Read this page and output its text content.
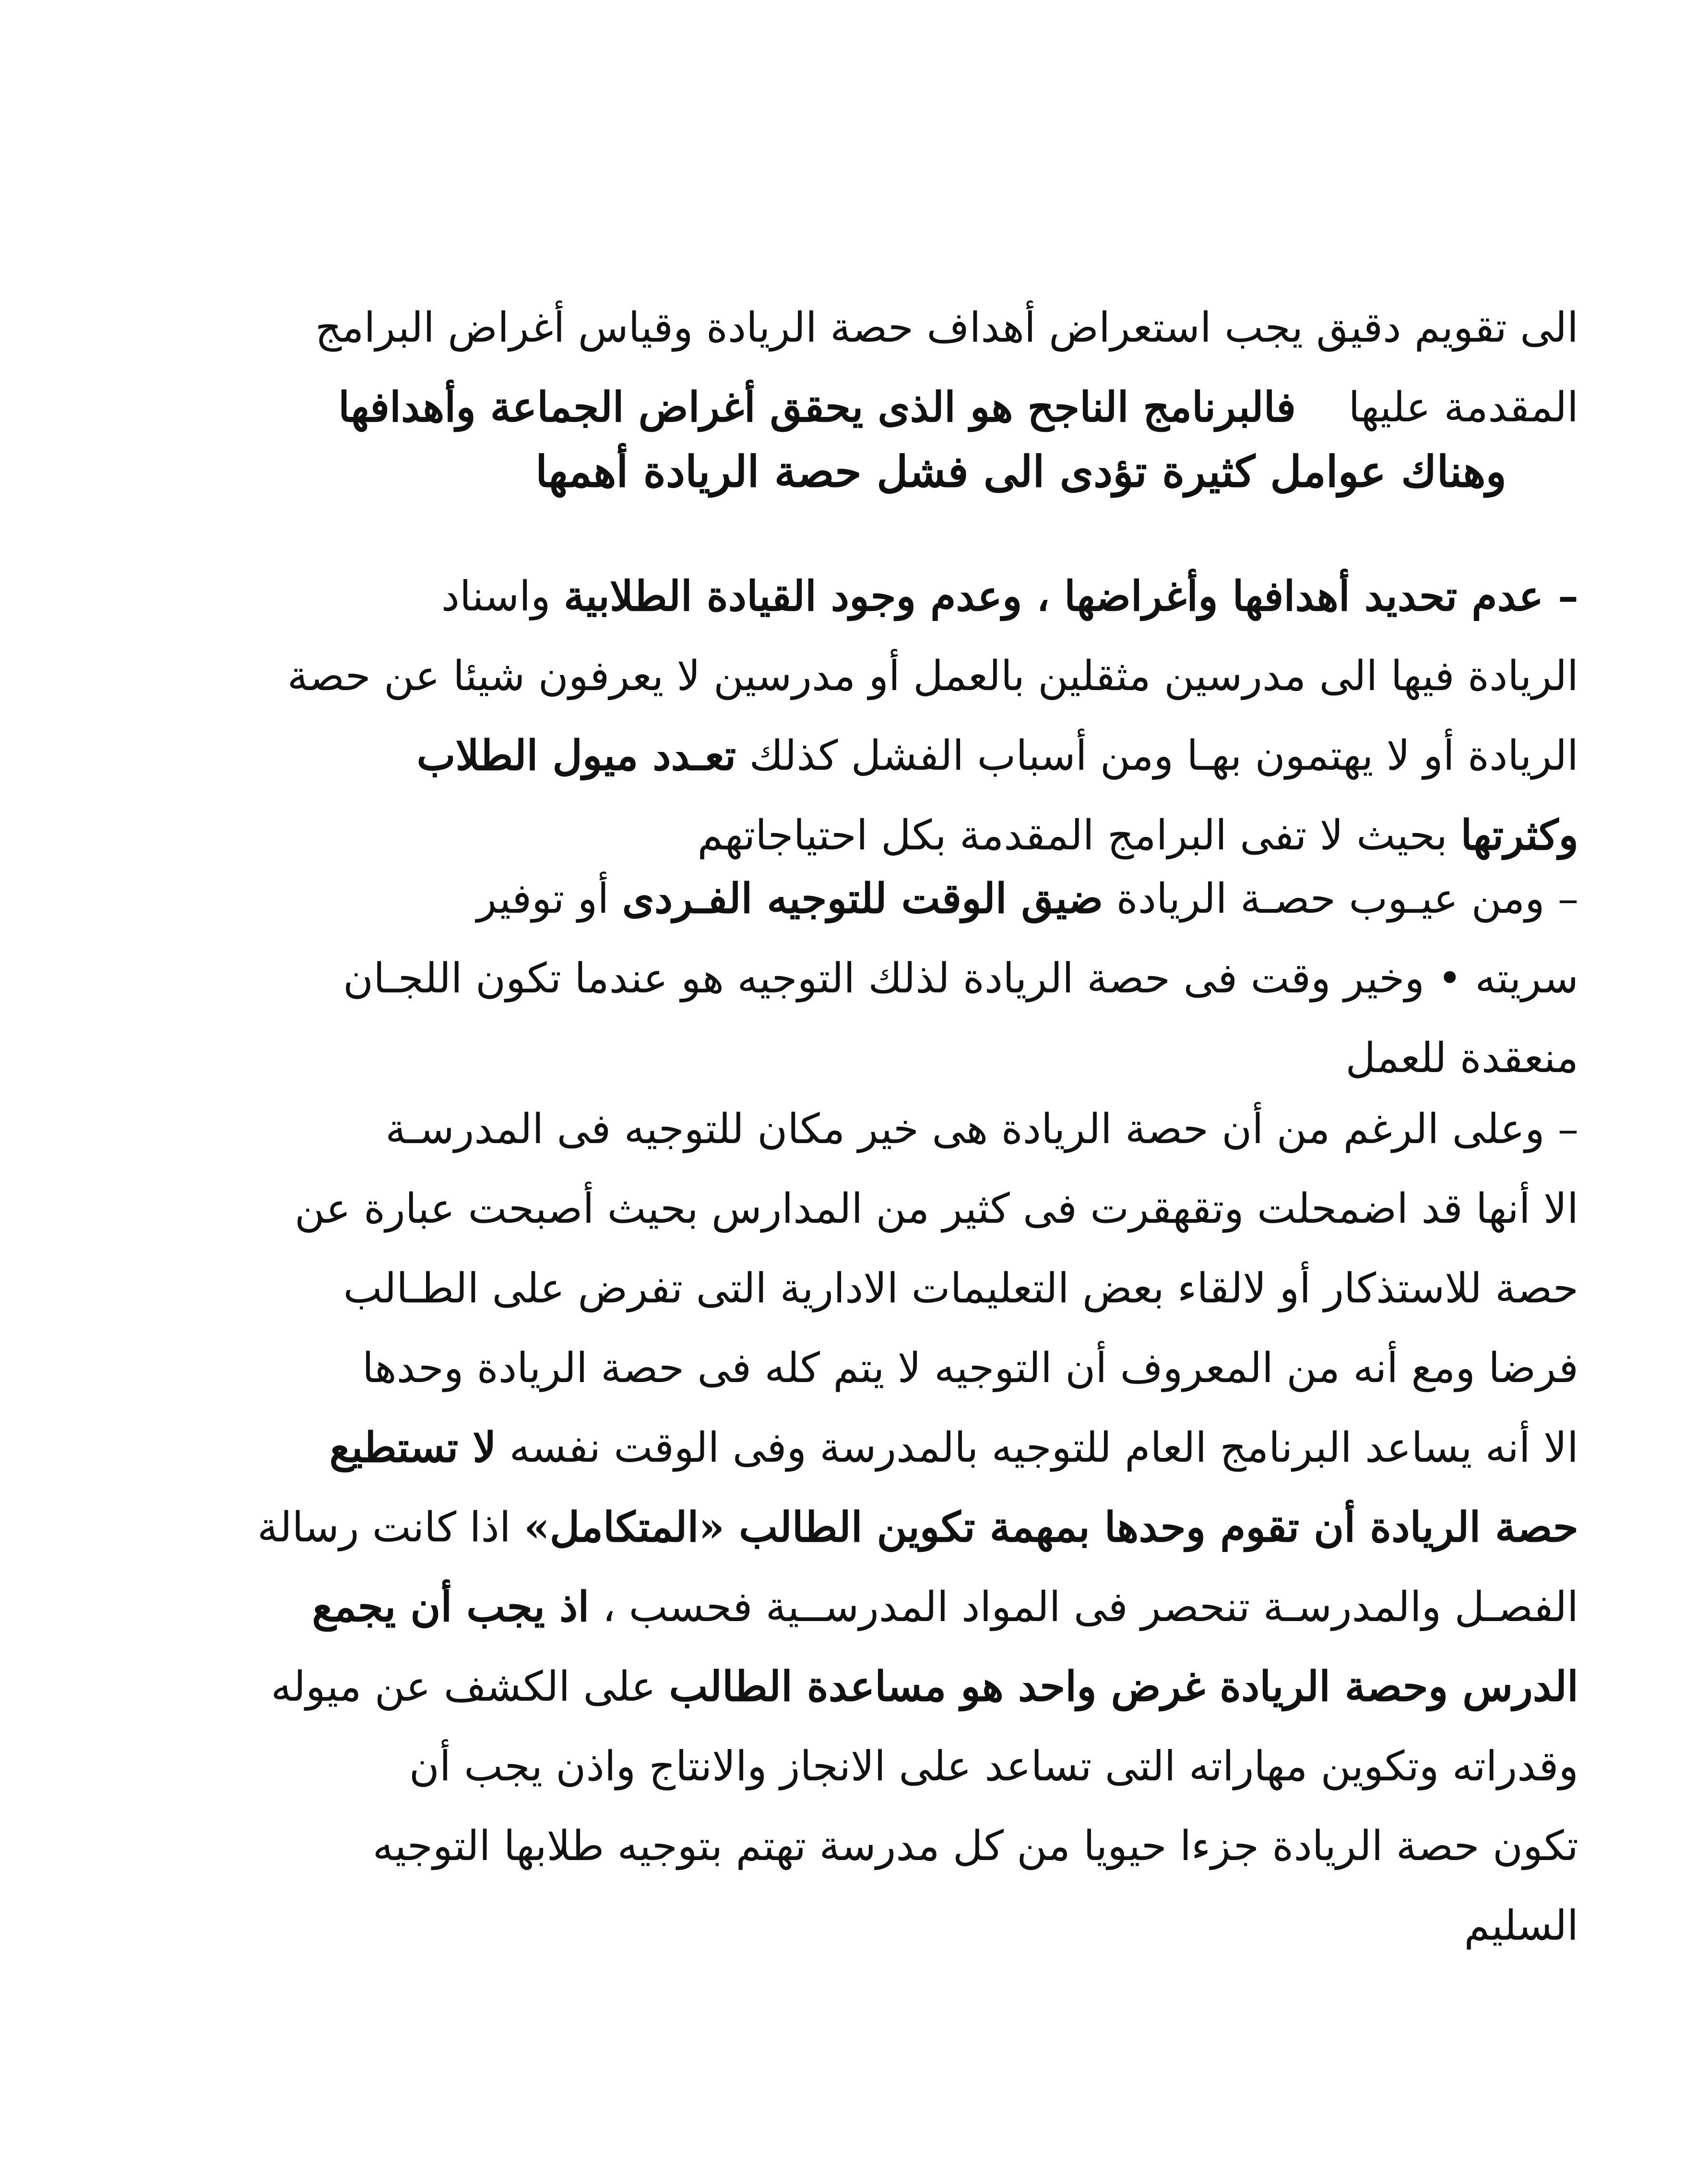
الى تقويم دقيق يجب استعراض أهداف حصة الريادة وقياس أغراض البرامج
المقدمة عليها    فالبرنامج الناجح هو الذى يحقق أغراض الجماعة وأهدافها
وهناك عوامل كثيرة تؤدى الى فشل حصة الريادة أهمها
– عدم تحديد أهدافها وأغراضها ، وعدم وجود القيادة الطلابية واسناد
الريادة فيها الى مدرسين مثقلين بالعمل أو مدرسين لا يعرفون شيئا عن حصة
الريادة أو لا يهتمون بهـا ومن أسباب الفشل كذلك تعـدد ميول الطلاب
وكثرتها بحيث لا تفى البرامج المقدمة بكل احتياجاتهم
– ومن عيـوب حصـة الريادة ضيق الوقت للتوجيه الفـردى أو توفير
سريته • وخير وقت فى حصة الريادة لذلك التوجيه هو عندما تكون اللجـان
منعقدة للعمل
– وعلى الرغم من أن حصة الريادة هى خير مكان للتوجيه فى المدرسـة
الا أنها قد اضمحلت وتقهقرت فى كثير من المدارس بحيث أصبحت عبارة عن
حصة للاستذكار أو لالقاء بعض التعليمات الادارية التى تفرض على الطـالب
فرضا ومع أنه من المعروف أن التوجيه لا يتم كله فى حصة الريادة وحدها
الا أنه يساعد البرنامج العام للتوجيه بالمدرسة وفى الوقت نفسه لا تستطيع
حصة الريادة أن تقوم وحدها بمهمة تكوين الطالب «المتكامل» اذا كانت رسالة
الفصـل والمدرسـة تنحصر فى المواد المدرســية فحسب ، اذ يجب أن يجمع
الدرس وحصة الريادة غرض واحد هو مساعدة الطالب على الكشف عن ميوله
وقدراته وتكوين مهاراته التى تساعد على الانجاز والانتاج واذن يجب أن
تكون حصة الريادة جزءا حيويا من كل مدرسة تهتم بتوجيه طلابها التوجيه
السليم
